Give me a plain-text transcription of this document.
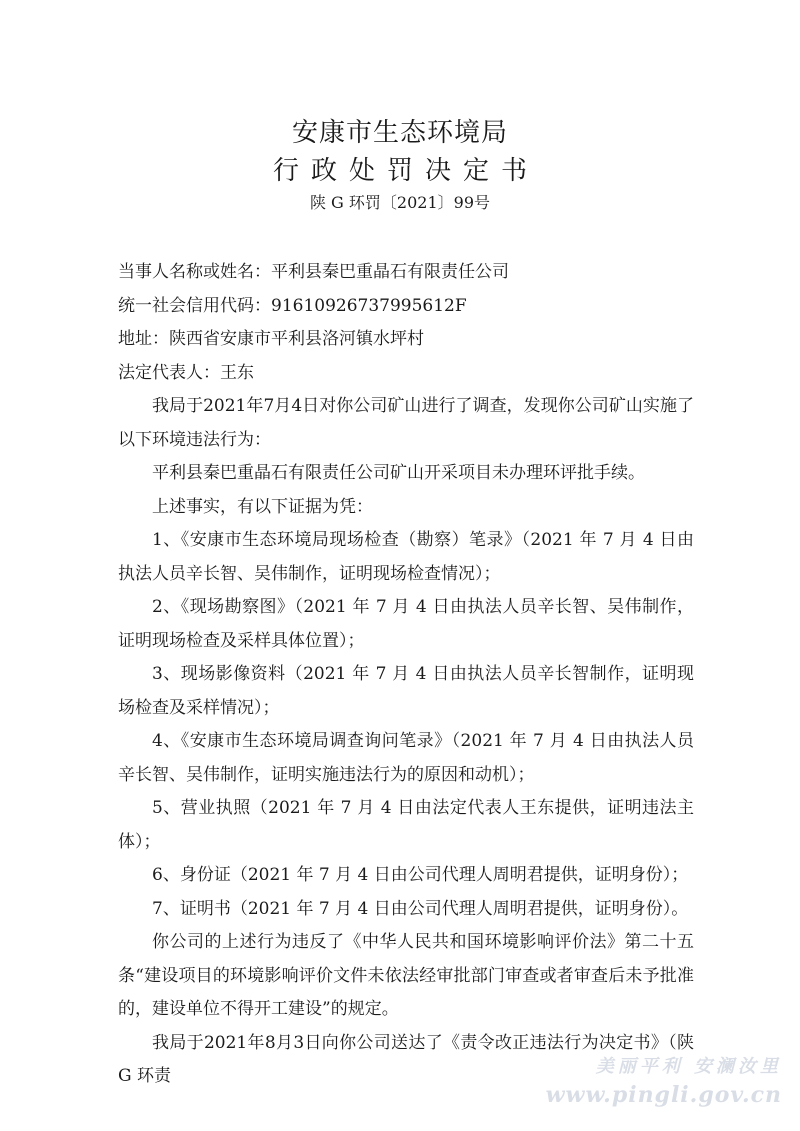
安康市生态环境局
行政处罚决定书
陕 G 环罚〔2021〕99号

当事人名称或姓名：平利县秦巴重晶石有限责任公司

统一社会信用代码：91610926737995612F

地址：陕西省安康市平利县洛河镇水坪村

法定代表人：王东

我局于2021年7月4日对你公司矿山进行了调查，发现你公司矿山实施了以下环境违法行为：

平利县秦巴重晶石有限责任公司矿山开采项目未办理环评批手续。

上述事实，有以下证据为凭：

1、《安康市生态环境局现场检查（勘察）笔录》（2021 年 7 月 4 日由执法人员辛长智、吴伟制作，证明现场检查情况）；

2、《现场勘察图》（2021 年 7 月 4 日由执法人员辛长智、吴伟制作，证明现场检查及采样具体位置）；

3、现场影像资料（2021 年 7 月 4 日由执法人员辛长智制作，证明现场检查及采样情况）；

4、《安康市生态环境局调查询问笔录》（2021 年 7 月 4 日由执法人员辛长智、吴伟制作，证明实施违法行为的原因和动机）；

5、营业执照（2021 年 7 月 4 日由法定代表人王东提供，证明违法主体）；

6、身份证（2021 年 7 月 4 日由公司代理人周明君提供，证明身份）；

7、证明书（2021 年 7 月 4 日由公司代理人周明君提供，证明身份）。

你公司的上述行为违反了《中华人民共和国环境影响评价法》第二十五条“建设项目的环境影响评价文件未依法经审批部门审查或者审查后未予批准的，建设单位不得开工建设”的规定。

我局于2021年8月3日向你公司送达了《责令改正违法行为决定书》（陕 G 环责	美丽平利 安澜汝里
www.pingli.gov.cn
